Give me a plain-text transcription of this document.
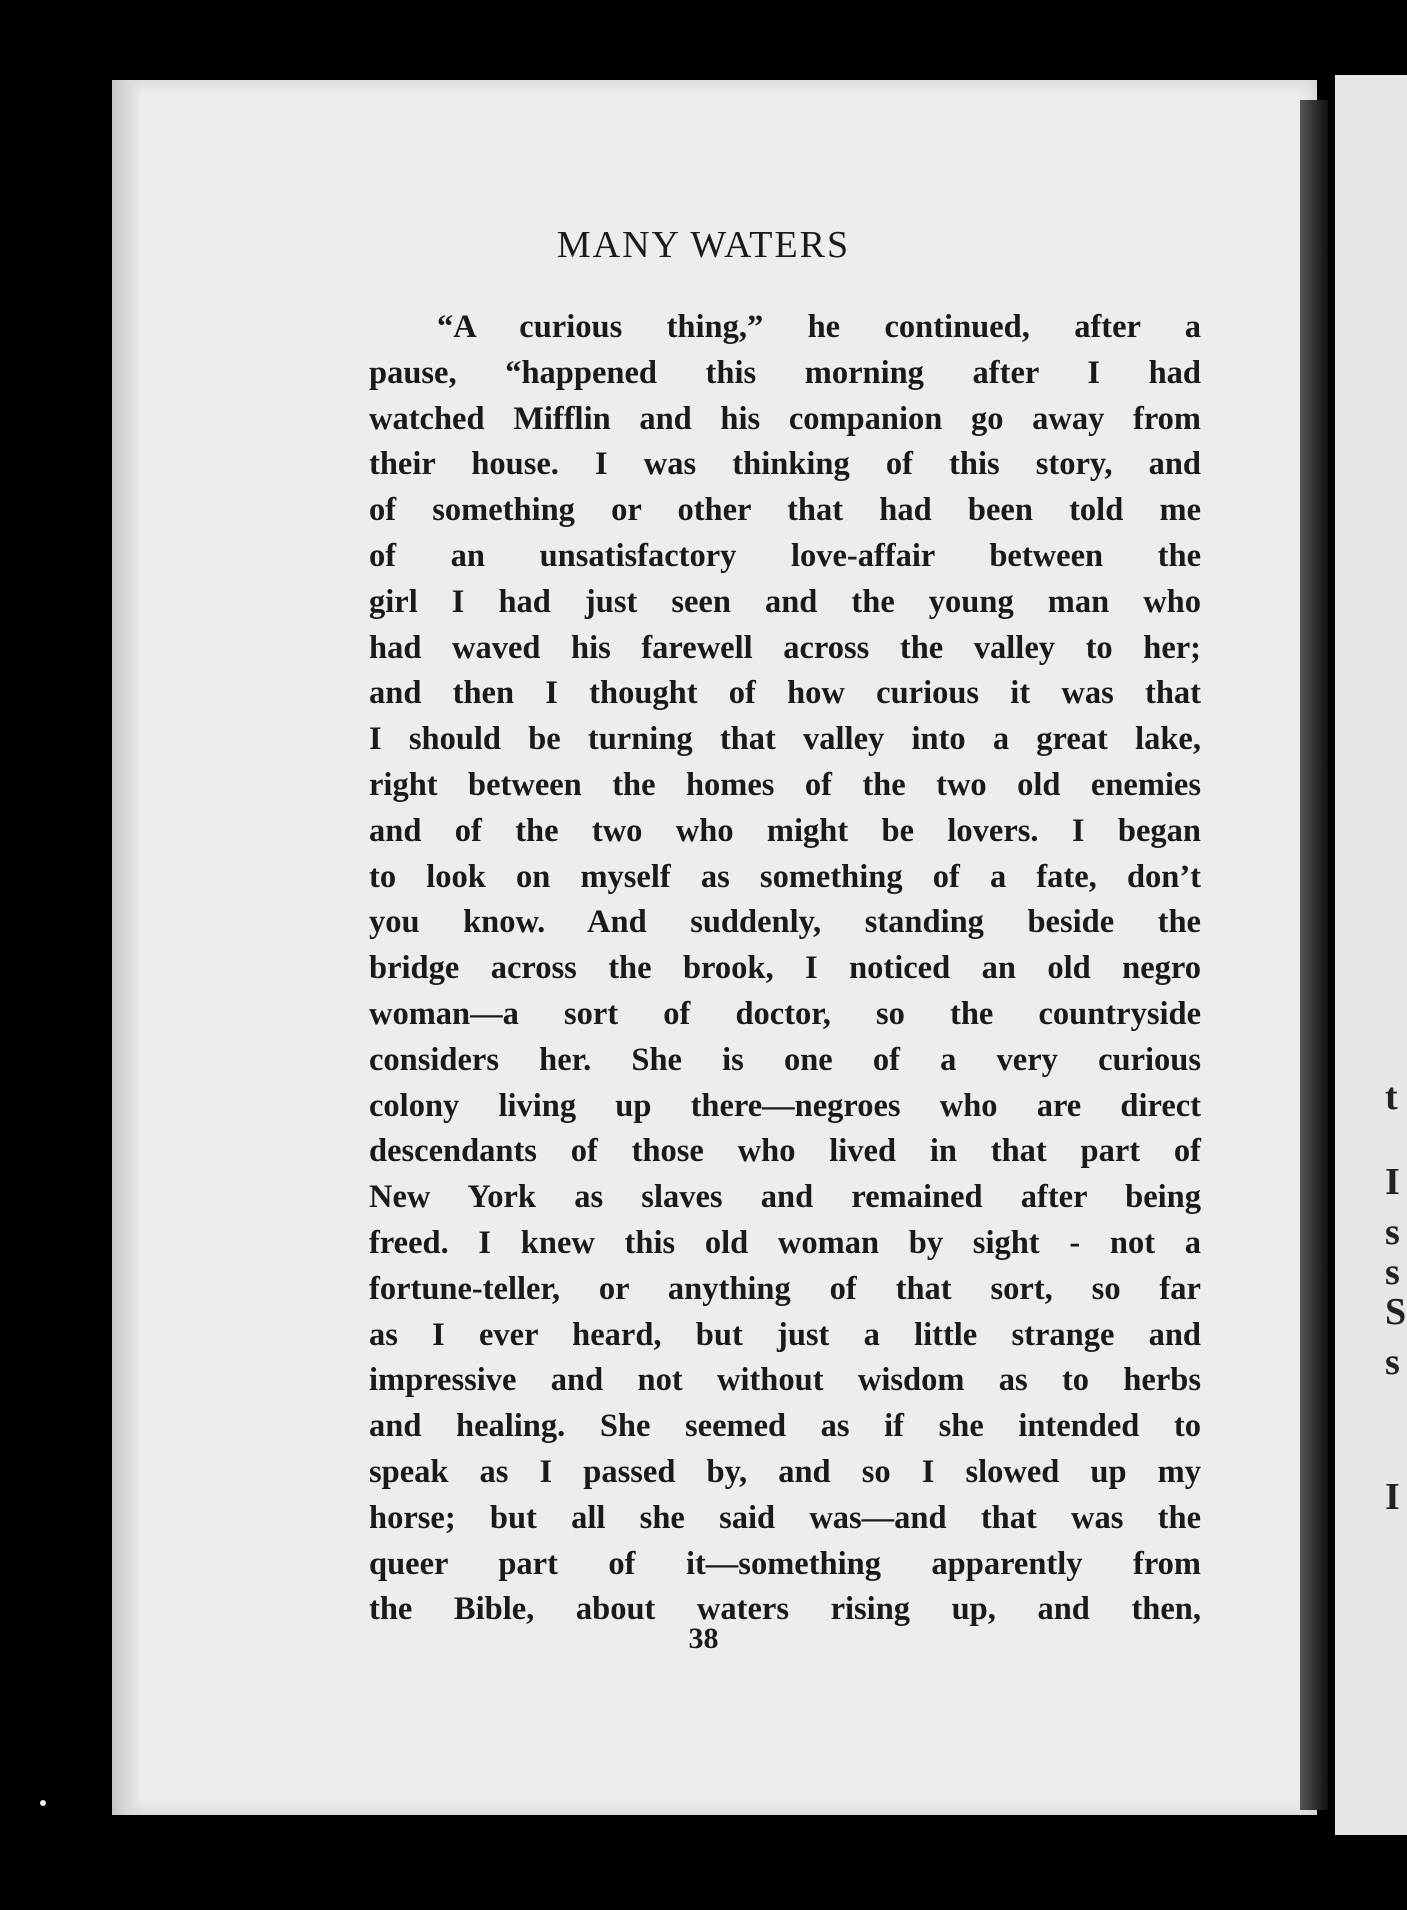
t
I
s
s
S
s
I
MANY WATERS
“A curious thing,” he continued, after a
pause, “happened this morning after I had
watched Mifflin and his companion go away from
their house. I was thinking of this story, and
of something or other that had been told me
of an unsatisfactory love-affair between the
girl I had just seen and the young man who
had waved his farewell across the valley to her;
and then I thought of how curious it was that
I should be turning that valley into a great lake,
right between the homes of the two old enemies
and of the two who might be lovers. I began
to look on myself as something of a fate, don’t
you know. And suddenly, standing beside the
bridge across the brook, I noticed an old negro
woman—a sort of doctor, so the countryside
considers her. She is one of a very curious
colony living up there—negroes who are direct
descendants of those who lived in that part of
New York as slaves and remained after being
freed. I knew this old woman by sight - not a
fortune-teller, or anything of that sort, so far
as I ever heard, but just a little strange and
impressive and not without wisdom as to herbs
and healing. She seemed as if she intended to
speak as I passed by, and so I slowed up my
horse; but all she said was—and that was the
queer part of it—something apparently from
the Bible, about waters rising up, and then,
38
